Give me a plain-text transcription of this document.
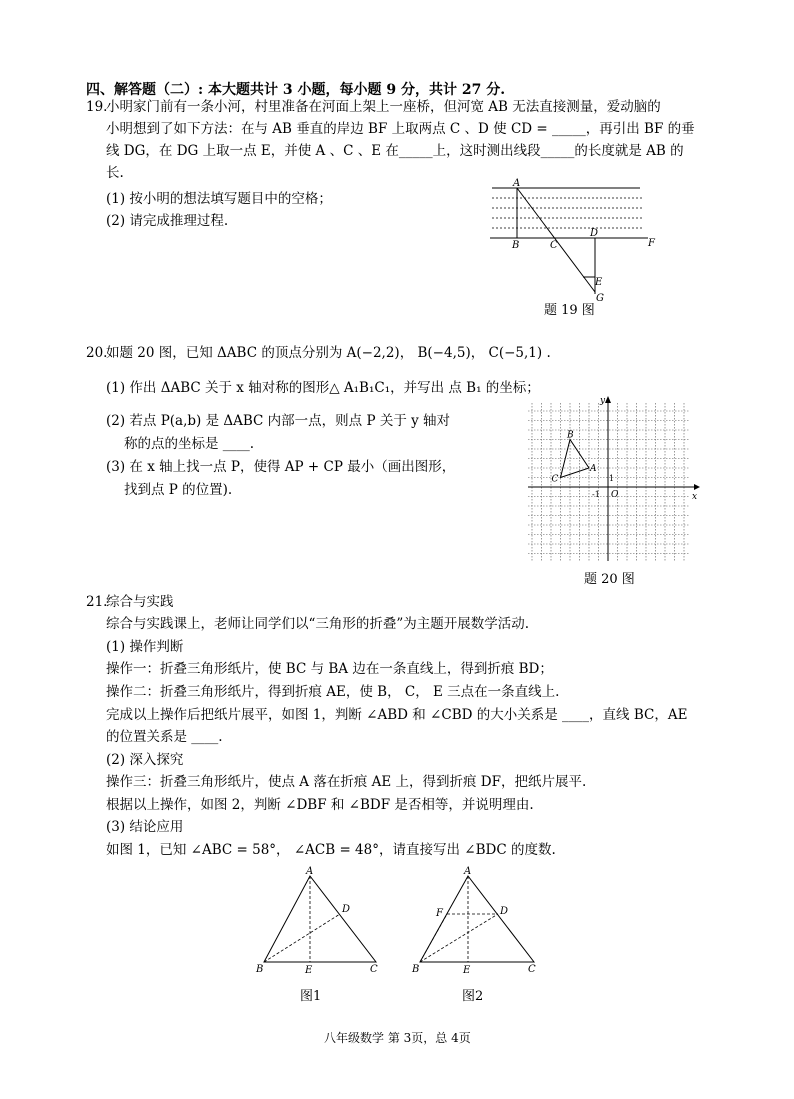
四、解答题（二）: 本大题共计 3 小题，每小题 9 分，共计 27 分.
19.
小明家门前有一条小河，村里准备在河面上架上一座桥，但河宽 AB 无法直接测量，爱动脑的
小明想到了如下方法：在与 AB 垂直的岸边 BF 上取两点 C 、D 使 CD = _____，再引出 BF 的垂
线 DG，在 DG 上取一点 E，并使 A 、C 、E 在_____上，这时测出线段_____的长度就是 AB 的
长.
(1) 按小明的想法填写题目中的空格；
(2) 请完成推理过程.
A
B	C
D
E
F
G
题 19 图
20.
如题 20 图，已知 ΔABC 的顶点分别为 A(−2,2)， B(−4,5)， C(−5,1) .
(1) 作出 ΔABC 关于 x 轴对称的图形△ A₁B₁C₁，并写出 点 B₁ 的坐标；
(2) 若点 P(a,b) 是 ΔABC 内部一点，则点 P 关于 y 轴对
称的点的坐标是 ____.
(3) 在 x 轴上找一点 P，使得 AP + CP 最小（画出图形，
找到点 P 的位置).	x
y
O
1
-1
A
B
C
题 20 图
21.
综合与实践
综合与实践课上，老师让同学们以“三角形的折叠”为主题开展数学活动.
(1) 操作判断
操作一：折叠三角形纸片，使 BC 与 BA 边在一条直线上，得到折痕 BD；
操作二：折叠三角形纸片，得到折痕 AE，使 B， C， E 三点在一条直线上.
完成以上操作后把纸片展平，如图 1，判断 ∠ABD 和 ∠CBD 的大小关系是 ____，直线 BC，AE
的位置关系是 ____.
(2) 深入探究
操作三：折叠三角形纸片，使点 A 落在折痕 AE 上，得到折痕 DF，把纸片展平.
根据以上操作，如图 2，判断 ∠DBF 和 ∠BDF 是否相等，并说明理由.
(3) 结论应用
如图 1，已知 ∠ABC = 58°， ∠ACB = 48°，请直接写出 ∠BDC 的度数.
A
B	C
D
E
图1
A
B	C
D
E
F
图2
八年级数学 第 3页，总 4页
